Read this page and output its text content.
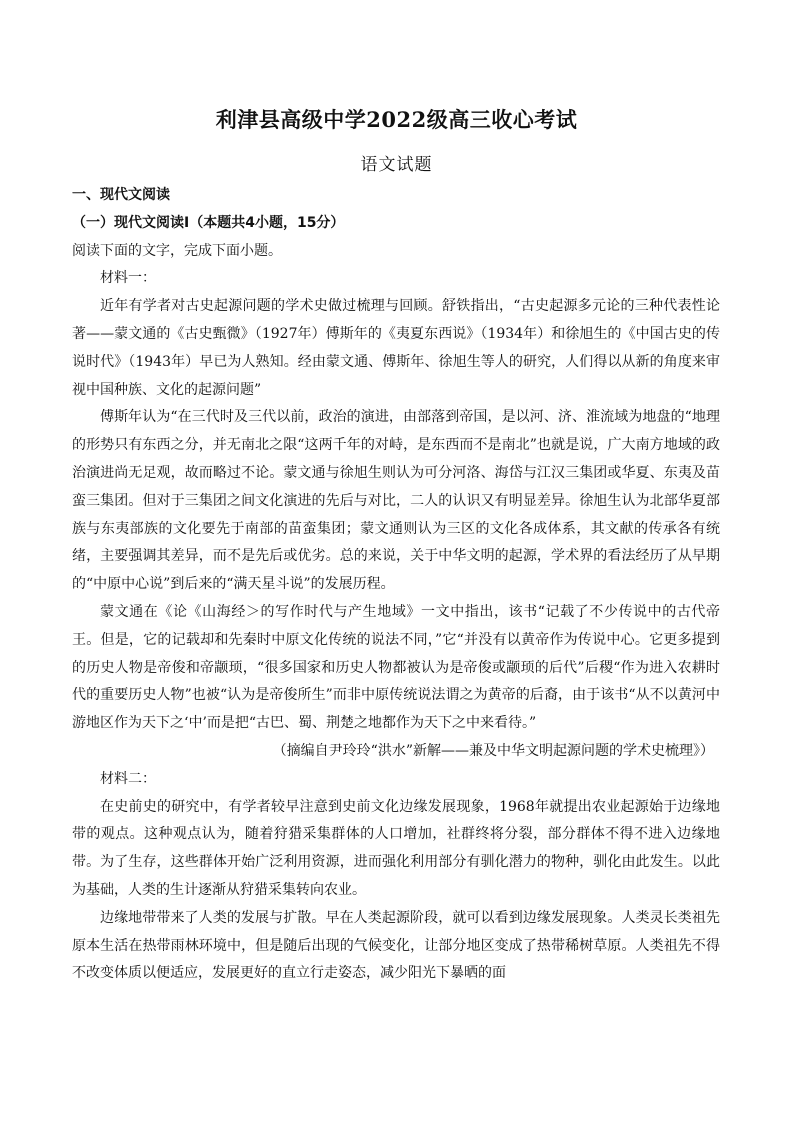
利津县高级中学2022级高三收心考试
语文试题

一、现代文阅读

（一）现代文阅读Ⅰ（本题共4小题，15分）

阅读下面的文字，完成下面小题。

材料一：

近年有学者对古史起源问题的学术史做过梳理与回顾。舒铁指出，“古史起源多元论的三种代表性论著——蒙文通的《古史甄微》（1927年）傅斯年的《夷夏东西说》（1934年）和徐旭生的《中国古史的传说时代》（1943年）早已为人熟知。经由蒙文通、傅斯年、徐旭生等人的研究，人们得以从新的角度来审视中国种族、文化的起源问题”

傅斯年认为“在三代时及三代以前，政治的演进，由部落到帝国，是以河、济、淮流域为地盘的“地理的形势只有东西之分，并无南北之限“这两千年的对峙，是东西而不是南北”也就是说，广大南方地域的政治演进尚无足观，故而略过不论。蒙文通与徐旭生则认为可分河洛、海岱与江汉三集团或华夏、东夷及苗蛮三集团。但对于三集团之间文化演进的先后与对比，二人的认识又有明显差异。徐旭生认为北部华夏部族与东夷部族的文化要先于南部的苗蛮集团；蒙文通则认为三区的文化各成体系，其文献的传承各有统绪，主要强调其差异，而不是先后或优劣。总的来说，关于中华文明的起源，学术界的看法经历了从早期的“中原中心说”到后来的“满天星斗说”的发展历程。

蒙文通在《论《山海经＞的写作时代与产生地域》一文中指出，该书“记载了不少传说中的古代帝王。但是，它的记载却和先秦时中原文化传统的说法不同，”它“并没有以黄帝作为传说中心。它更多提到的历史人物是帝俊和帝颛顼，“很多国家和历史人物都被认为是帝俊或颛顼的后代”后稷“作为进入农耕时代的重要历史人物”也被“认为是帝俊所生”而非中原传统说法谓之为黄帝的后裔，由于该书“从不以黄河中游地区作为天下之‘中’而是把“古巴、蜀、荆楚之地都作为天下之中来看待。”

（摘编自尹玲玲“洪水”新解——兼及中华文明起源问题的学术史梳理》）

材料二：

在史前史的研究中，有学者较早注意到史前文化边缘发展现象，1968年就提出农业起源始于边缘地带的观点。这种观点认为，随着狩猎采集群体的人口增加，社群终将分裂，部分群体不得不进入边缘地带。为了生存，这些群体开始广泛利用资源，进而强化利用部分有驯化潜力的物种，驯化由此发生。以此为基础，人类的生计逐渐从狩猎采集转向农业。

边缘地带带来了人类的发展与扩散。早在人类起源阶段，就可以看到边缘发展现象。人类灵长类祖先原本生活在热带雨林环境中，但是随后出现的气候变化，让部分地区变成了热带稀树草原。人类祖先不得不改变体质以便适应，发展更好的直立行走姿态，减少阳光下暴晒的面
